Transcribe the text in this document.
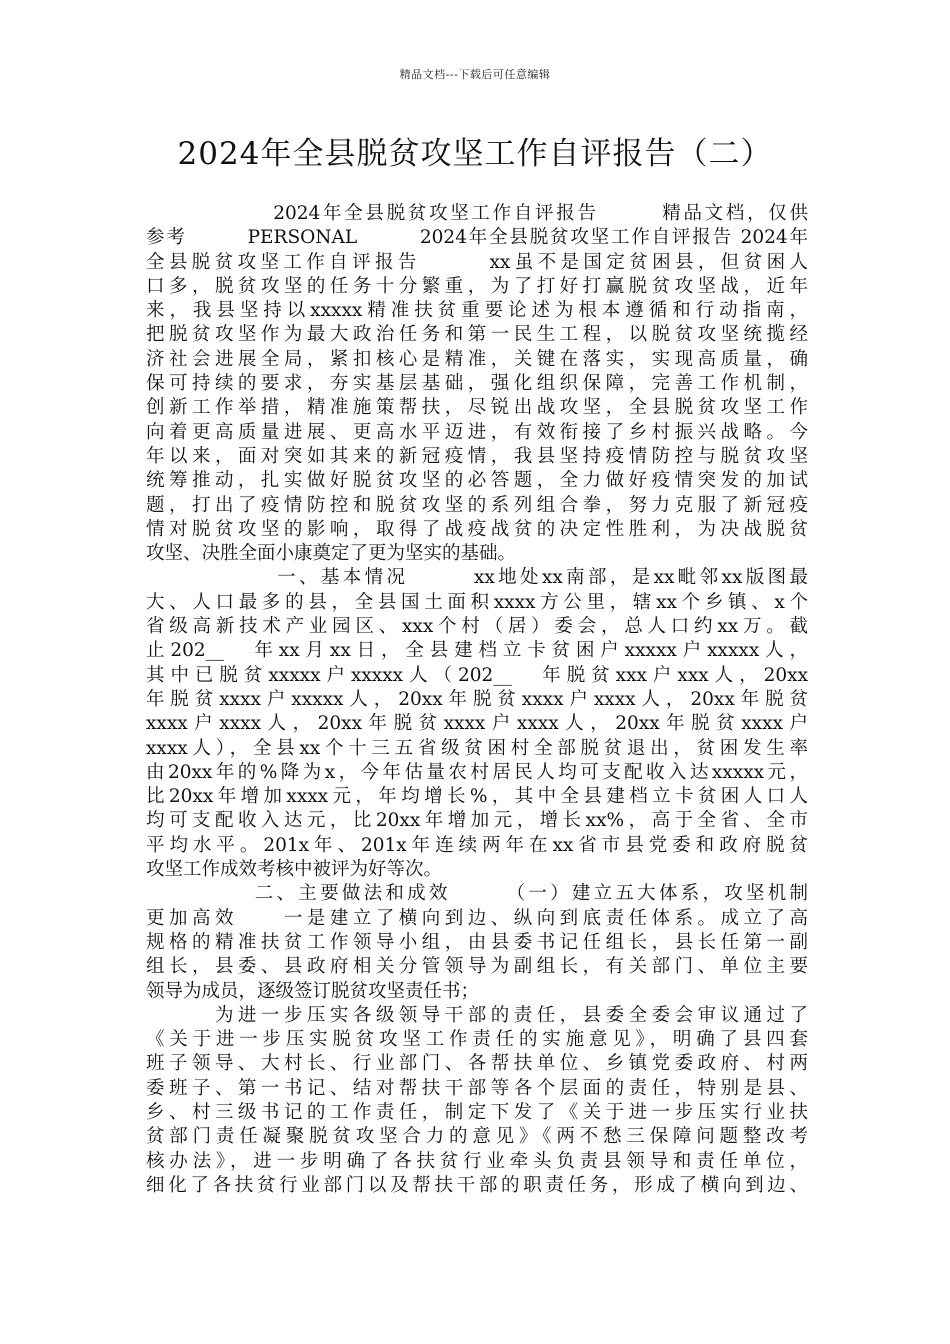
精品文档---下载后可任意编辑
2024年全县脱贫攻坚工作自评报告（二）
　　　　　　2024年全县脱贫攻坚工作自评报告　　　精品文档，仅供
参考　　　PERSONAL　　　2024年全县脱贫攻坚工作自评报告 2024年
全县脱贫攻坚工作自评报告　　　xx虽不是国定贫困县，但贫困人
口多，脱贫攻坚的任务十分繁重，为了打好打赢脱贫攻坚战，近年
来，我县坚持以xxxxx精准扶贫重要论述为根本遵循和行动指南，
把脱贫攻坚作为最大政治任务和第一民生工程，以脱贫攻坚统揽经
济社会进展全局，紧扣核心是精准，关键在落实，实现高质量，确
保可持续的要求，夯实基层基础，强化组织保障，完善工作机制，
创新工作举措，精准施策帮扶，尽锐出战攻坚，全县脱贫攻坚工作
向着更高质量进展、更高水平迈进，有效衔接了乡村振兴战略。今
年以来，面对突如其来的新冠疫情，我县坚持疫情防控与脱贫攻坚
统筹推动，扎实做好脱贫攻坚的必答题，全力做好疫情突发的加试
题，打出了疫情防控和脱贫攻坚的系列组合拳，努力克服了新冠疫
情对脱贫攻坚的影响，取得了战疫战贫的决定性胜利，为决战脱贫
攻坚、决胜全面小康奠定了更为坚实的基础。
　　　　　　一、基本情况　　　xx地处xx南部，是xx毗邻xx版图最
大、人口最多的县，全县国土面积xxxx方公里，辖xx个乡镇、x个
省级高新技术产业园区、xxx个村（居）委会，总人口约xx万。截
止202__　年xx月xx日，全县建档立卡贫困户xxxxx户xxxxx人，
其中已脱贫xxxxx户xxxxx人（202__　年脱贫xxx户xxx人，20xx
年脱贫xxxx户xxxxx人，20xx年脱贫xxxx户xxxx人，20xx年脱贫
xxxx户xxxx人，20xx年脱贫xxxx户xxxx人，20xx年脱贫xxxx户
xxxx人），全县xx个十三五省级贫困村全部脱贫退出，贫困发生率
由20xx年的%降为x，今年估量农村居民人均可支配收入达xxxxx元，
比20xx年增加xxxx元，年均增长%，其中全县建档立卡贫困人口人
均可支配收入达元，比20xx年增加元，增长xx%，高于全省、全市
平均水平。201x年、201x年连续两年在xx省市县党委和政府脱贫
攻坚工作成效考核中被评为好等次。
　　　　　二、主要做法和成效　　　（一）建立五大体系，攻坚机制
更加高效　　一是建立了横向到边、纵向到底责任体系。成立了高
规格的精准扶贫工作领导小组，由县委书记任组长，县长任第一副
组长，县委、县政府相关分管领导为副组长，有关部门、单位主要
领导为成员，逐级签订脱贫攻坚责任书；
　　　为进一步压实各级领导干部的责任，县委全委会审议通过了
《关于进一步压实脱贫攻坚工作责任的实施意见》，明确了县四套
班子领导、大村长、行业部门、各帮扶单位、乡镇党委政府、村两
委班子、第一书记、结对帮扶干部等各个层面的责任，特别是县、
乡、村三级书记的工作责任，制定下发了《关于进一步压实行业扶
贫部门责任凝聚脱贫攻坚合力的意见》《两不愁三保障问题整改考
核办法》，进一步明确了各扶贫行业牵头负责县领导和责任单位，
细化了各扶贫行业部门以及帮扶干部的职责任务，形成了横向到边、
